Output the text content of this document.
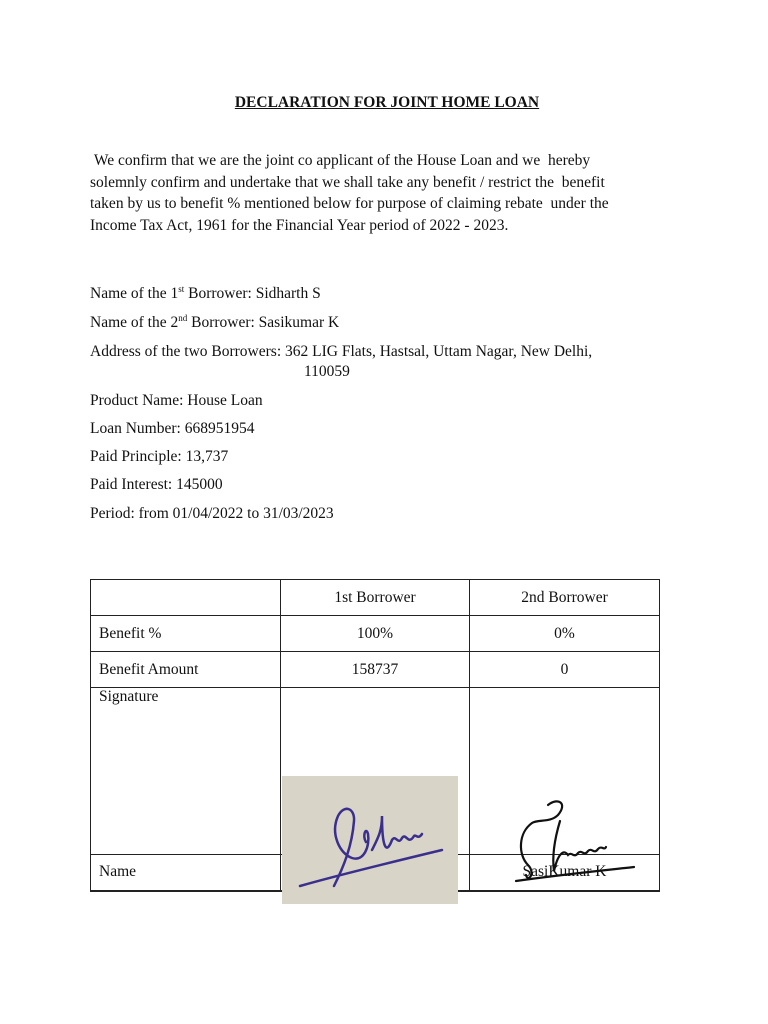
DECLARATION FOR JOINT HOME LOAN
We confirm that we are the joint co applicant of the House Loan and we  hereby
solemnly confirm and undertake that we shall take any benefit / restrict the  benefit
taken by us to benefit % mentioned below for purpose of claiming rebate  under the
Income Tax Act, 1961 for the Financial Year period of 2022 - 2023.
Name of the 1st Borrower: Sidharth S
Name of the 2nd Borrower: Sasikumar K
Address of the two Borrowers: 362 LIG Flats, Hastsal, Uttam Nagar, New Delhi,
110059
Product Name: House Loan
Loan Number: 668951954
Paid Principle: 13,737
Paid Interest: 145000
Period: from 01/04/2022 to 31/03/2023
	1st Borrower	2nd Borrower
Benefit %	100%	0%
Benefit Amount	158737	0
Signature	

Name		SasiKumar K
